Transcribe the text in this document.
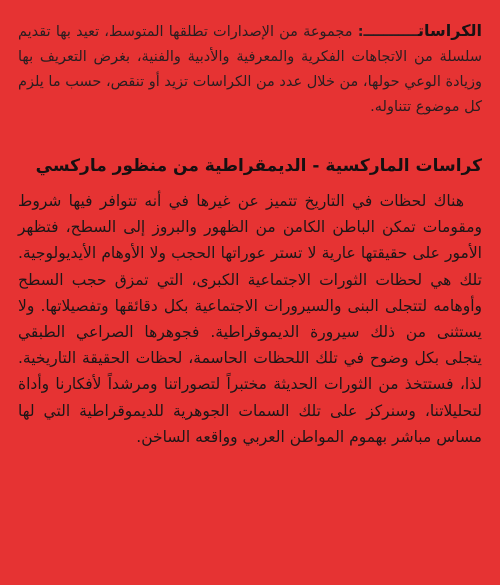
الكراساتـــــــــــ: مجموعة من الإصدارات تطلقها المتوسط، تعيد بها تقديم سلسلة من الاتجاهات الفكرية والمعرفية والأدبية والفنية، بغرض التعريف بها وزيادة الوعي حولها، من خلال عدد من الكراسات تزيد أو تنقص، حسب ما يلزم كل موضوع تتناوله.

كراسات الماركسية - الديمقراطية من منظور ماركسي

هناك لحظات في التاريخ تتميز عن غيرها في أنه تتوافر فيها شروط ومقومات تمكن الباطن الكامن من الظهور والبروز إلى السطح، فتظهر الأمور على حقيقتها عارية لا تستر عوراتها الحجب ولا الأوهام الأيديولوجية. تلك هي لحظات الثورات الاجتماعية الكبرى، التي تمزق حجب السطح وأوهامه لتتجلى البنى والسيرورات الاجتماعية بكل دقائقها وتفصيلاتها. ولا يستثنى من ذلك سيرورة الديموقراطية. فجوهرها الصراعي الطبقي يتجلى بكل وضوح في تلك اللحظات الحاسمة، لحظات الحقيقة التاريخية. لذا، فستتخذ من الثورات الحديثة مختبراً لتصوراتنا ومرشداً لأفكارنا وأداة لتحليلاتنا، وسنركز على تلك السمات الجوهرية للديموقراطية التي لها مساس مباشر بهموم المواطن العربي وواقعه الساخن.
